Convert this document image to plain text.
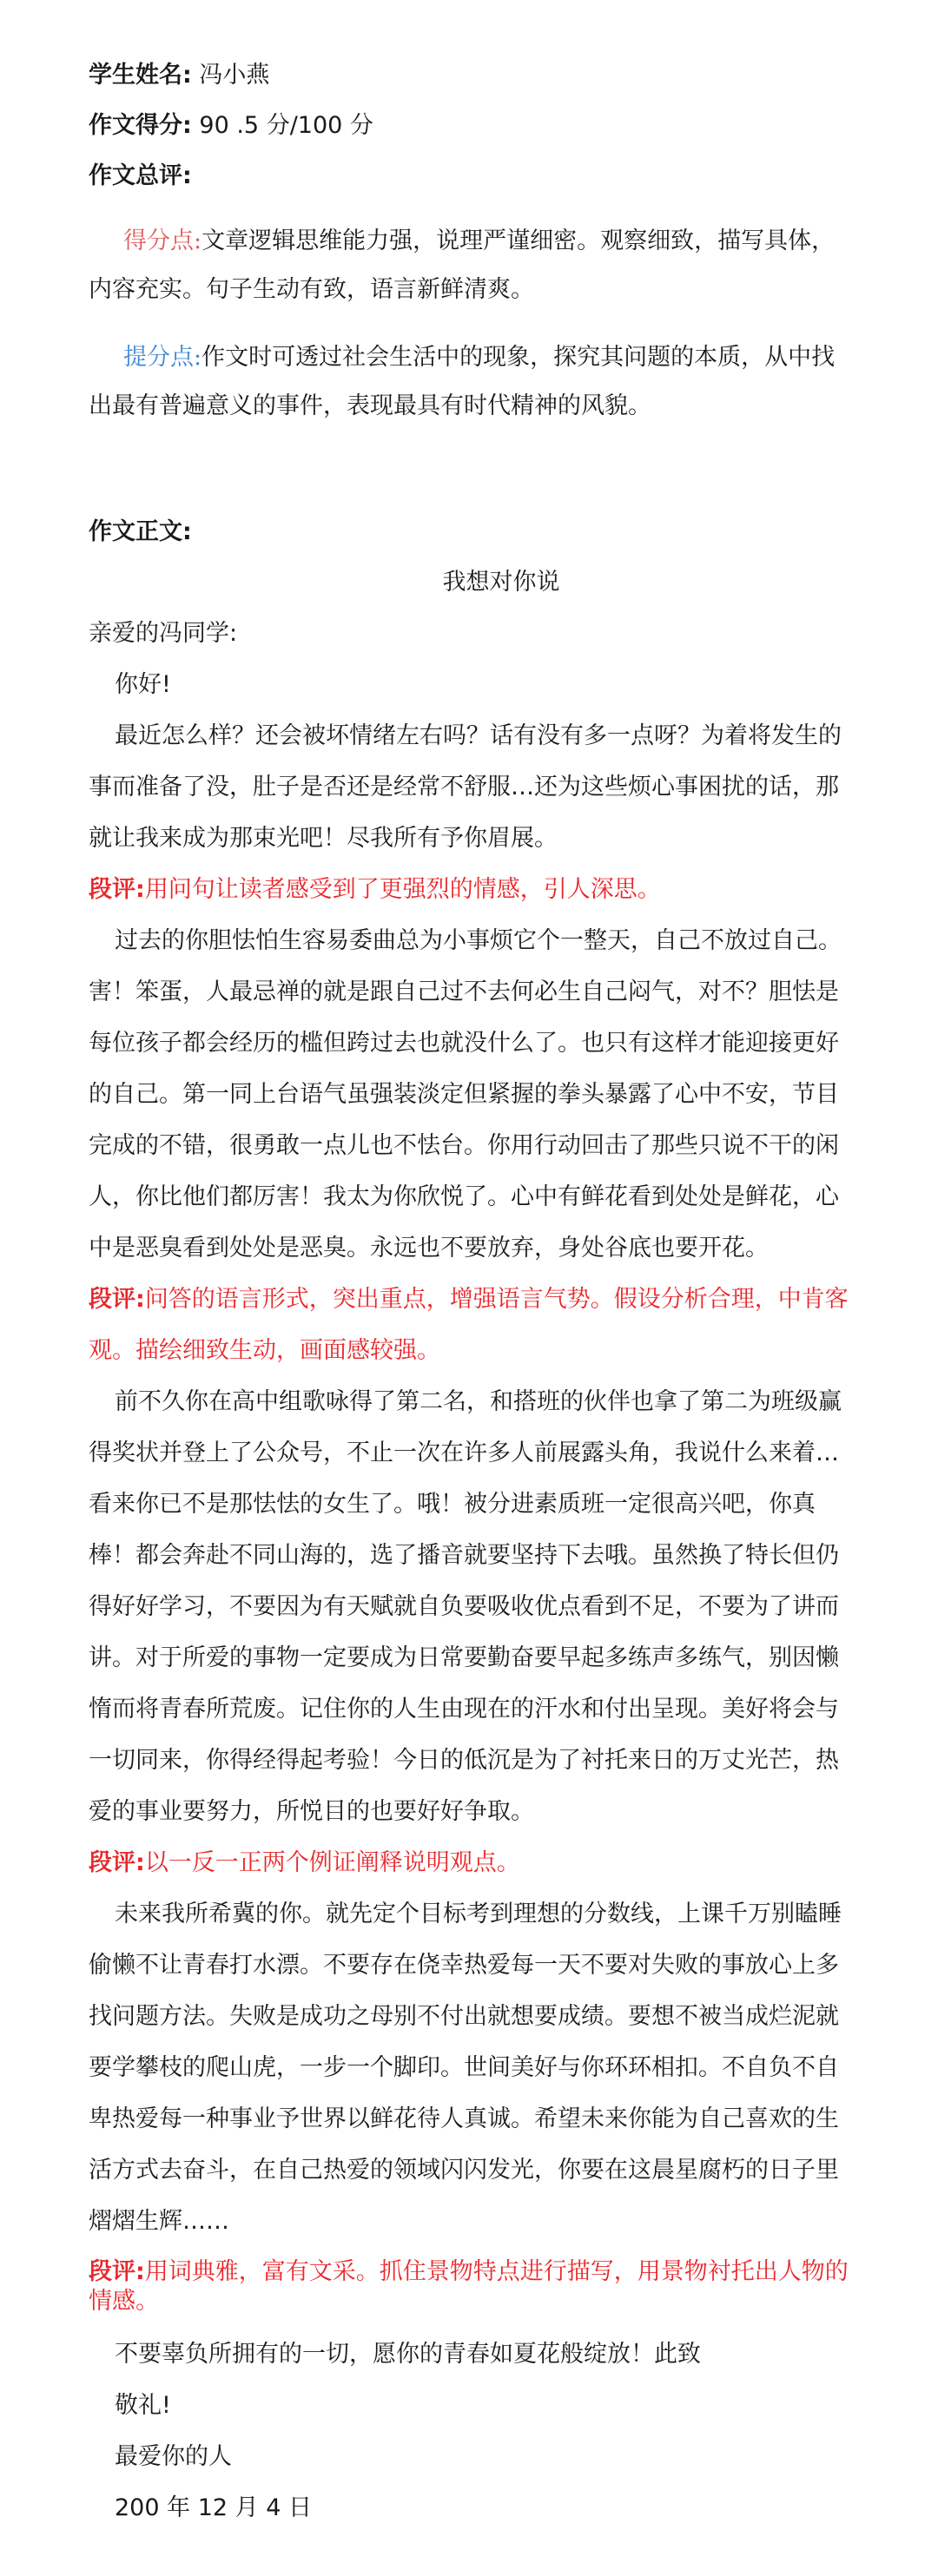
学生姓名: 冯小燕
作文得分: 90 .5 分/100 分
作文总评:

得分点:文章逻辑思维能力强，说理严谨细密。观察细致，描写具体，内容充实。句子生动有致，语言新鲜清爽。

提分点:作文时可透过社会生活中的现象，探究其问题的本质，从中找出最有普遍意义的事件，表现最具有时代精神的风貌。

作文正文:
我想对你说

亲爱的冯同学:

你好!

最近怎么样？还会被坏情绪左右吗？话有没有多一点呀？为着将发生的事而准备了没，肚子是否还是经常不舒服…还为这些烦心事困扰的话，那就让我来成为那束光吧！尽我所有予你眉展。

段评:用问句让读者感受到了更强烈的情感，引人深思。

过去的你胆怯怕生容易委曲总为小事烦它个一整天，自己不放过自己。害！笨蛋，人最忌禅的就是跟自己过不去何必生自己闷气，对不？胆怯是每位孩子都会经历的槛但跨过去也就没什么了。也只有这样才能迎接更好的自己。第一同上台语气虽强装淡定但紧握的拳头暴露了心中不安，节目完成的不错，很勇敢一点儿也不怯台。你用行动回击了那些只说不干的闲人，你比他们都厉害！我太为你欣悦了。心中有鲜花看到处处是鲜花，心中是恶臭看到处处是恶臭。永远也不要放弃，身处谷底也要开花。

段评:问答的语言形式，突出重点，增强语言气势。假设分析合理，中肯客观。描绘细致生动，画面感较强。

前不久你在高中组歌咏得了第二名，和搭班的伙伴也拿了第二为班级赢得奖状并登上了公众号，不止一次在许多人前展露头角，我说什么来着…看来你已不是那怯怯的女生了。哦！被分进素质班一定很高兴吧，你真棒！都会奔赴不同山海的，选了播音就要坚持下去哦。虽然换了特长但仍得好好学习，不要因为有天赋就自负要吸收优点看到不足，不要为了讲而讲。对于所爱的事物一定要成为日常要勤奋要早起多练声多练气，别因懒惰而将青春所荒废。记住你的人生由现在的汗水和付出呈现。美好将会与一切同来，你得经得起考验！今日的低沉是为了衬托来日的万丈光芒，热爱的事业要努力，所悦目的也要好好争取。

段评:以一反一正两个例证阐释说明观点。

未来我所希冀的你。就先定个目标考到理想的分数线，上课千万别瞌睡偷懒不让青春打水漂。不要存在侥幸热爱每一天不要对失败的事放心上多找问题方法。失败是成功之母别不付出就想要成绩。要想不被当成烂泥就要学攀枝的爬山虎，一步一个脚印。世间美好与你环环相扣。不自负不自卑热爱每一种事业予世界以鲜花待人真诚。希望未来你能为自己喜欢的生活方式去奋斗，在自己热爱的领域闪闪发光，你要在这晨星腐朽的日子里熠熠生辉……

段评:用词典雅，富有文采。抓住景物特点进行描写，用景物衬托出人物的情感。

不要辜负所拥有的一切，愿你的青春如夏花般绽放！此致

敬礼!

最爱你的人

200 年 12 月 4 日
